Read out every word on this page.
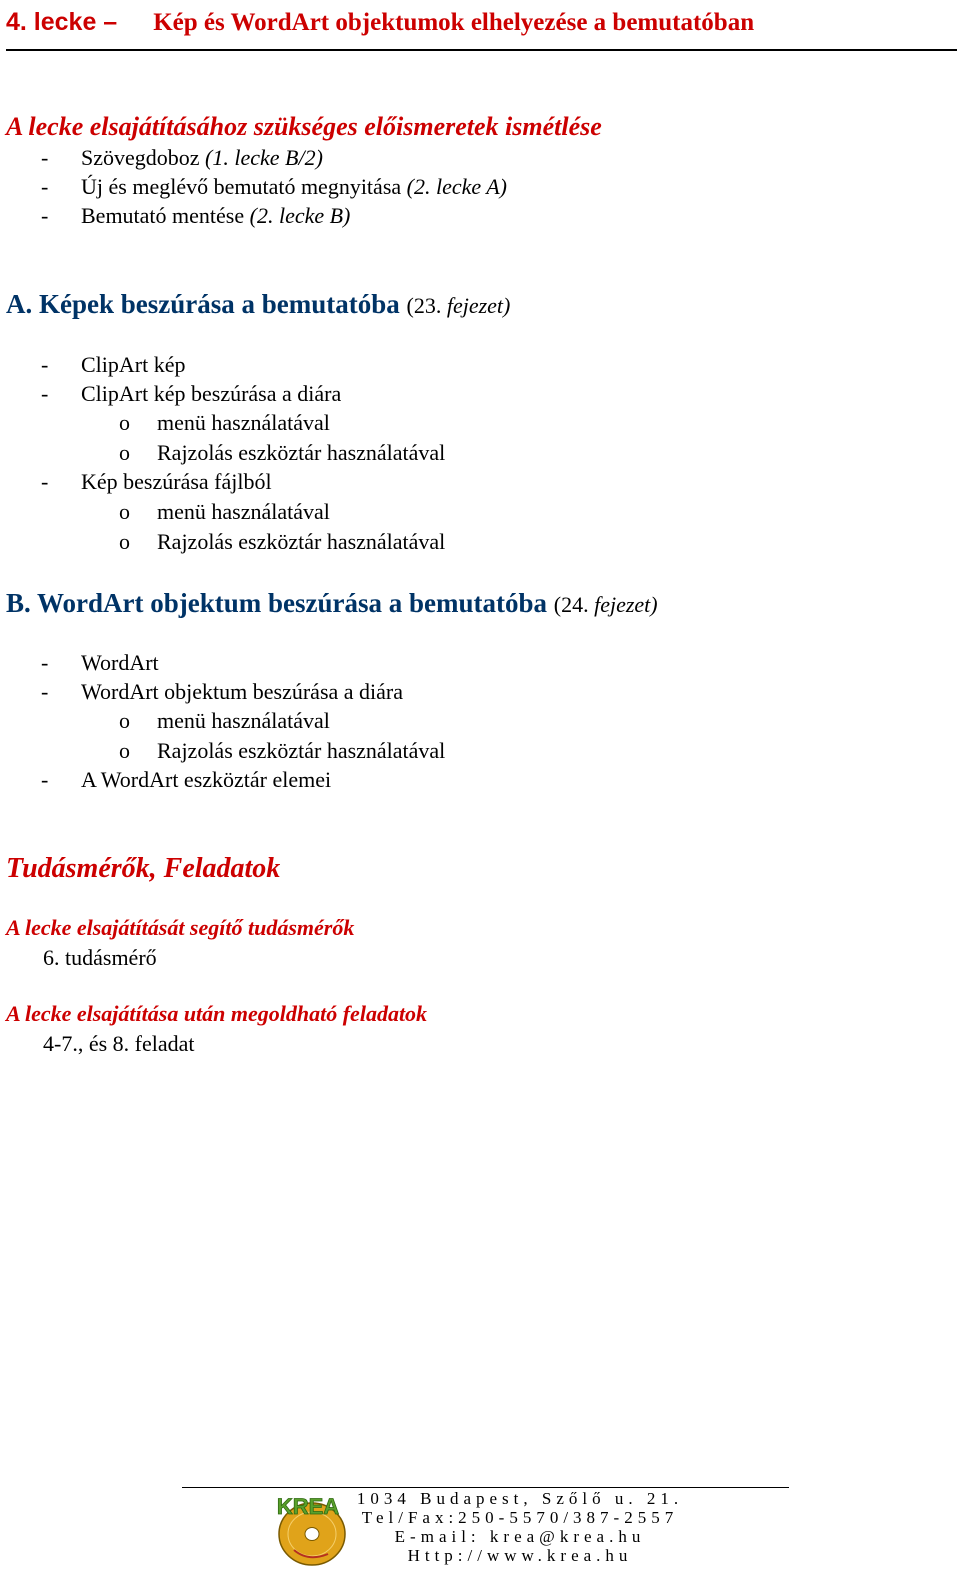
4. lecke – Kép és WordArt objektumok elhelyezése a bemutatóban
A lecke elsajátításához szükséges előismeretek ismétlése
- Szövegdoboz (1. lecke B/2)
- Új és meglévő bemutató megnyitása (2. lecke A)
- Bemutató mentése (2. lecke B)
A. Képek beszúrása a bemutatóba (23. fejezet)
- ClipArt kép
- ClipArt kép beszúrása a diára
o menü használatával
o Rajzolás eszköztár használatával
- Kép beszúrása fájlból
o menü használatával
o Rajzolás eszköztár használatával
B. WordArt objektum beszúrása a bemutatóba (24. fejezet)
- WordArt
- WordArt objektum beszúrása a diára
o menü használatával
o Rajzolás eszköztár használatával
- A WordArt eszköztár elemei
Tudásmérők, Feladatok
A lecke elsajátítását segítő tudásmérők
6. tudásmérő
A lecke elsajátítása után megoldható feladatok
4-7., és 8. feladat
KREA	1034 Budapest, Szőlő u. 21.
Tel/Fax:250-5570/387-2557
E-mail: krea@krea.hu
Http://www.krea.hu
